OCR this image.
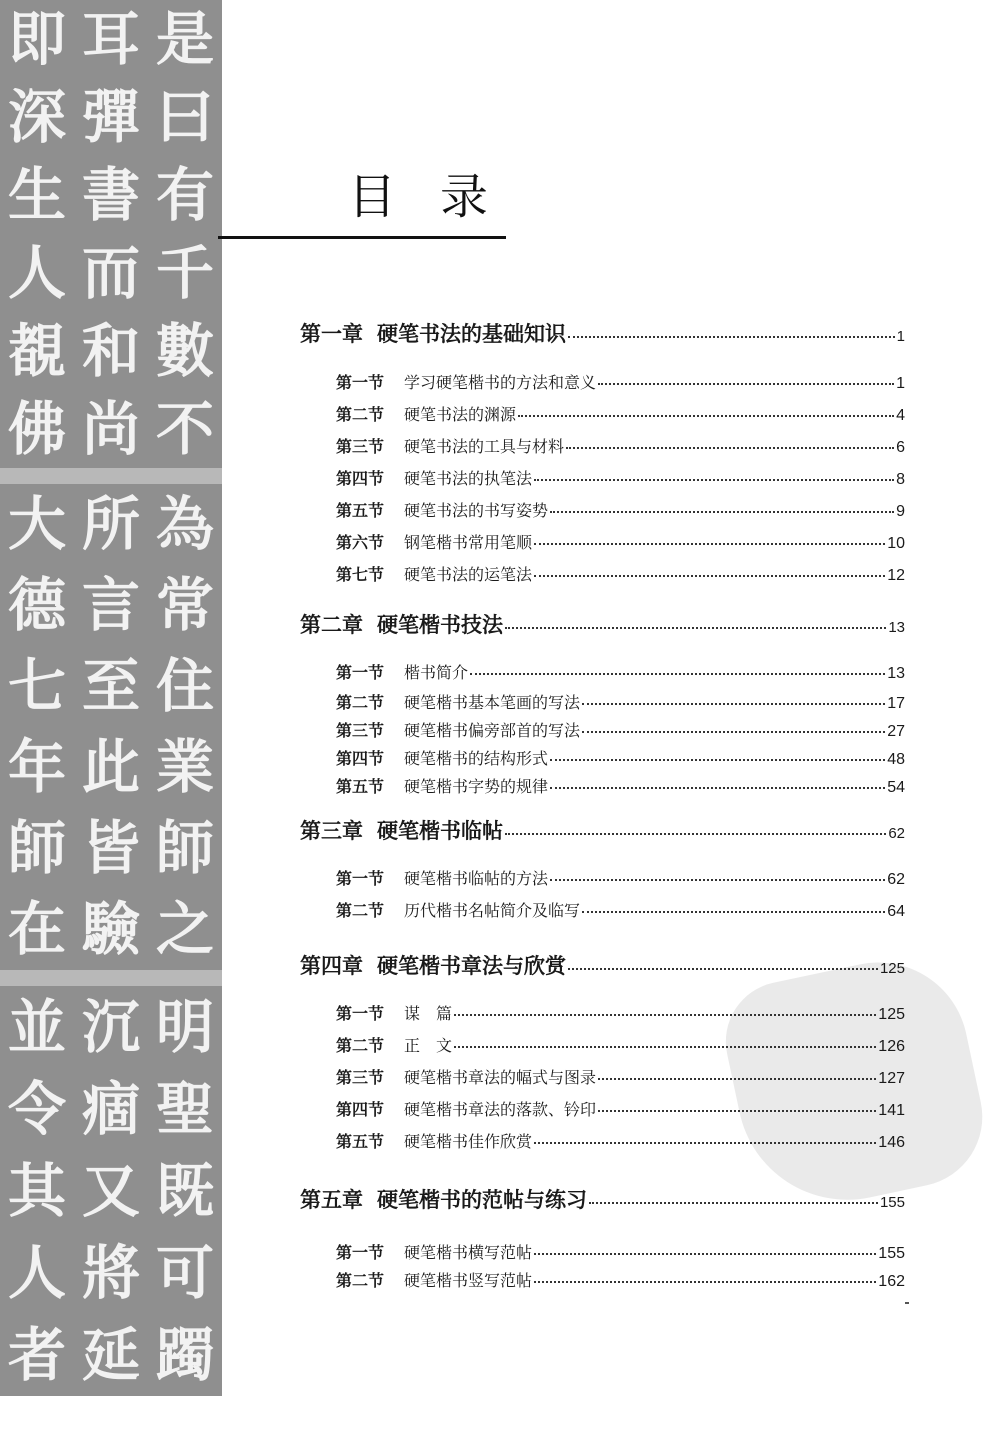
是
曰
有
千
數
不
耳
彈
書
而
和
尚
即
深
生
人
覩
佛
為
常
住
業
師
之
所
言
至
此
皆
驗
大
德
七
年
師
在
明
聖
既
可
躅
沉
痼
又
將
延
並
令
其
人
者
目录
PDG
第一章 硬笔书法的基础知识	1
第一节 学习硬笔楷书的方法和意义	1
第二节 硬笔书法的渊源	4
第三节 硬笔书法的工具与材料	6
第四节 硬笔书法的执笔法	8
第五节 硬笔书法的书写姿势	9
第六节 钢笔楷书常用笔顺	10
第七节 硬笔书法的运笔法	12
第二章 硬笔楷书技法	13
第一节 楷书简介	13
第二节 硬笔楷书基本笔画的写法	17
第三节 硬笔楷书偏旁部首的写法	27
第四节 硬笔楷书的结构形式	48
第五节 硬笔楷书字势的规律	54
第三章 硬笔楷书临帖	62
第一节 硬笔楷书临帖的方法	62
第二节 历代楷书名帖简介及临写	64
第四章 硬笔楷书章法与欣赏	125
第一节 谋　篇	125
第二节 正　文	126
第三节 硬笔楷书章法的幅式与图录	127
第四节 硬笔楷书章法的落款、钤印	141
第五节 硬笔楷书佳作欣赏	146
第五章 硬笔楷书的范帖与练习	155
第一节 硬笔楷书横写范帖	155
第二节 硬笔楷书竖写范帖	162
